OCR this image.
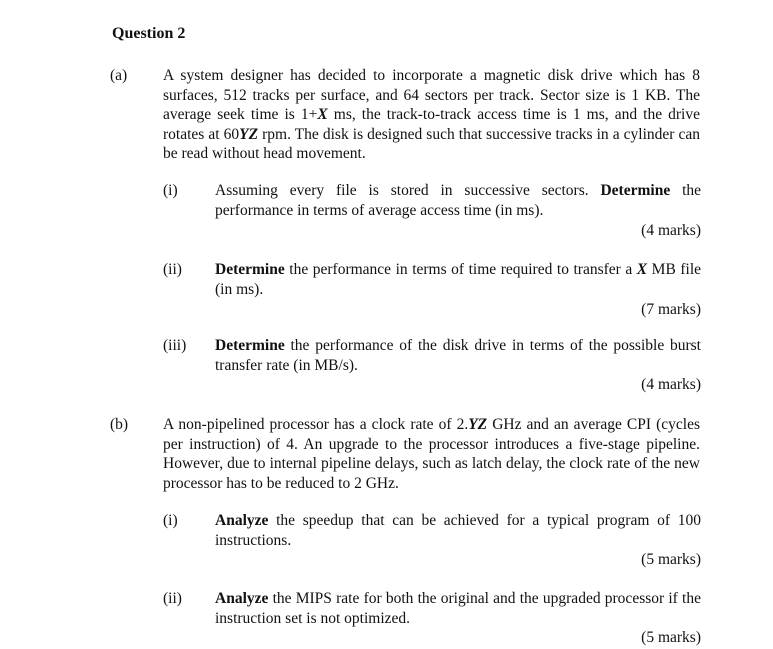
Question 2
(a) A system designer has decided to incorporate a magnetic disk drive which has 8 surfaces, 512 tracks per surface, and 64 sectors per track. Sector size is 1 KB. The average seek time is 1+X ms, the track-to-track access time is 1 ms, and the drive rotates at 60YZ rpm. The disk is designed such that successive tracks in a cylinder can be read without head movement.
(i) Assuming every file is stored in successive sectors. Determine the performance in terms of average access time (in ms).
(4 marks)
(ii) Determine the performance in terms of time required to transfer a X MB file (in ms).
(7 marks)
(iii) Determine the performance of the disk drive in terms of the possible burst transfer rate (in MB/s).
(4 marks)
(b) A non-pipelined processor has a clock rate of 2.YZ GHz and an average CPI (cycles per instruction) of 4. An upgrade to the processor introduces a five-stage pipeline. However, due to internal pipeline delays, such as latch delay, the clock rate of the new processor has to be reduced to 2 GHz.
(i) Analyze the speedup that can be achieved for a typical program of 100 instructions.
(5 marks)
(ii) Analyze the MIPS rate for both the original and the upgraded processor if the instruction set is not optimized.
(5 marks)
